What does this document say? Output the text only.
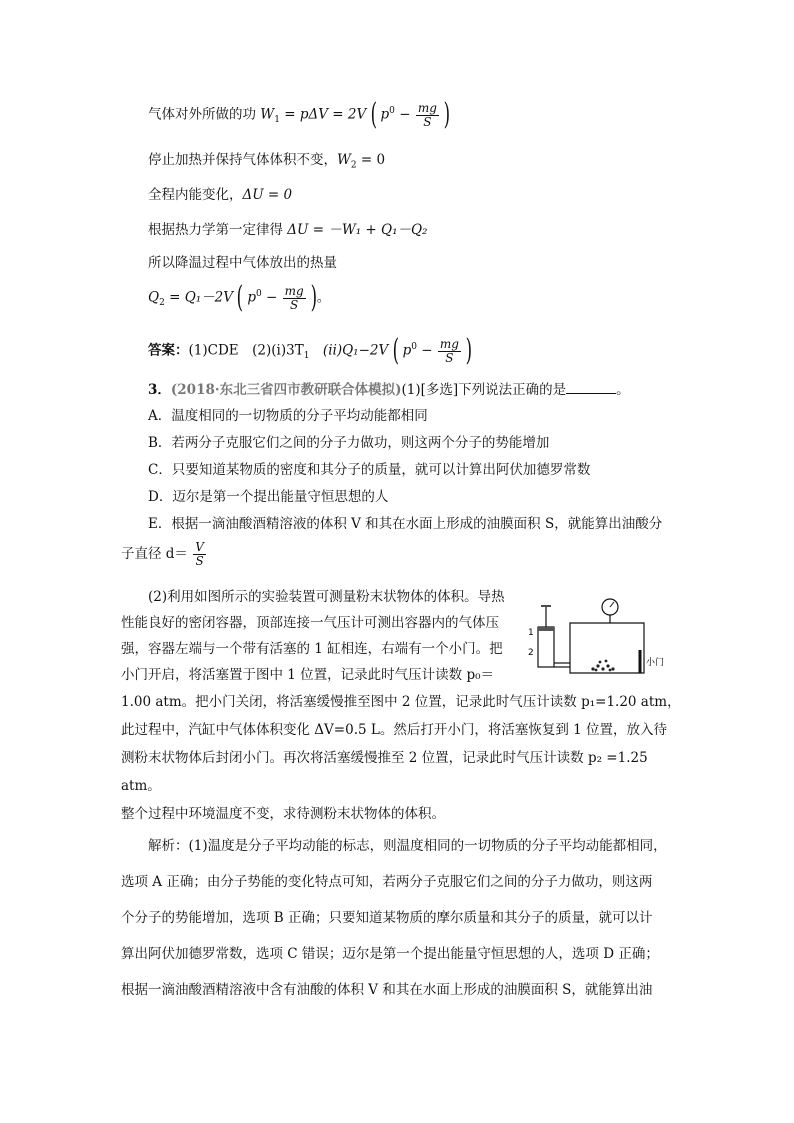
气体对外所做的功 $W_1 = p\Delta V = 2V$ ( $p^0 - \frac{mg}{S}$ )
停止加热并保持气体体积不变，$W_2 = 0$
全程内能变化，ΔU = 0
根据热力学第一定律得 ΔU = －W₁ + Q₁－Q₂
所以降温过程中气体放出的热量
$Q_2 = Q_1-2V$ ( $p^0 - \frac{mg}{S}$ )。
答案：(1)CDE　$(2)(ⅰ)3T_1$　(ⅱ)Q₁−2V ( $p^0 - \frac{mg}{S}$ )
3．(2018·东北三省四市教研联合体模拟)(1)[多选]下列说法正确的是	。
A．温度相同的一切物质的分子平均动能都相同
B．若两分子克服它们之间的分子力做功，则这两个分子的势能增加
C．只要知道某物质的密度和其分子的质量，就可以计算出阿伏加德罗常数
D．迈尔是第一个提出能量守恒思想的人
E．根据一滴油酸酒精溶液的体积 V 和其在水面上形成的油膜面积 S，就能算出油酸分
子直径 $d= \frac{V}{S}$
(2)利用如图所示的实验装置可测量粉末状物体的体积。导热
性能良好的密闭容器，顶部连接一气压计可测出容器内的气体压
强，容器左端与一个带有活塞的 1 缸相连，右端有一个小门。把
小门开启，将活塞置于图中 1 位置，记录此时气压计读数 p₀＝
1.00 atm。把小门关闭，将活塞缓慢推至图中 2 位置，记录此时气压计读数 p₁=1.20 atm，
此过程中，汽缸中气体体积变化 ΔV=0.5 L。然后打开小门，将活塞恢复到 1 位置，放入待
测粉末状物体后封闭小门。再次将活塞缓慢推至 2 位置，记录此时气压计读数 p₂ =1.25
atm。
整个过程中环境温度不变，求待测粉末状物体的体积。
1
2
小门
解析：(1)温度是分子平均动能的标志，则温度相同的一切物质的分子平均动能都相同，
选项 A 正确；由分子势能的变化特点可知，若两分子克服它们之间的分子力做功，则这两
个分子的势能增加，选项 B 正确；只要知道某物质的摩尔质量和其分子的质量，就可以计
算出阿伏加德罗常数，选项 C 错误；迈尔是第一个提出能量守恒思想的人，选项 D 正确；
根据一滴油酸酒精溶液中含有油酸的体积 V 和其在水面上形成的油膜面积 S，就能算出油
